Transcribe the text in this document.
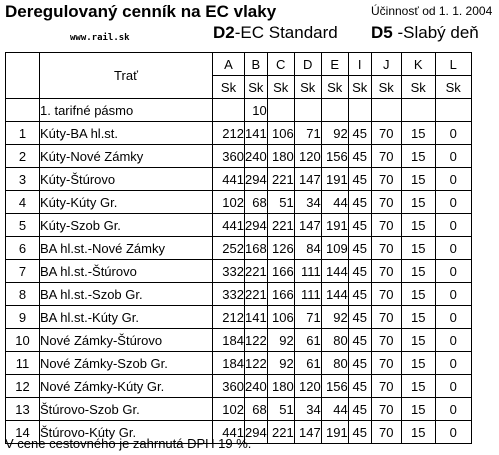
Deregulovaný cenník na EC vlaky	Účinnosť od 1. 1. 2004
www.rail.sk	D2-EC Standard D5 -Slabý deň
	Trať	A	B	C	D	E	I	J	K	L
		Sk	Sk	Sk	Sk	Sk	Sk	Sk	Sk	Sk
	1. tarifné pásmo		10							
1	Kúty-BA hl.st.	212	141	106	71	92	45	70	15	0
2	Kúty-Nové Zámky	360	240	180	120	156	45	70	15	0
3	Kúty-Štúrovo	441	294	221	147	191	45	70	15	0
4	Kúty-Kúty Gr.	102	68	51	34	44	45	70	15	0
5	Kúty-Szob Gr.	441	294	221	147	191	45	70	15	0
6	BA hl.st.-Nové Zámky	252	168	126	84	109	45	70	15	0
7	BA hl.st.-Štúrovo	332	221	166	111	144	45	70	15	0
8	BA hl.st.-Szob Gr.	332	221	166	111	144	45	70	15	0
9	BA hl.st.-Kúty Gr.	212	141	106	71	92	45	70	15	0
10	Nové Zámky-Štúrovo	184	122	92	61	80	45	70	15	0
11	Nové Zámky-Szob Gr.	184	122	92	61	80	45	70	15	0
12	Nové Zámky-Kúty Gr.	360	240	180	120	156	45	70	15	0
13	Štúrovo-Szob Gr.	102	68	51	34	44	45	70	15	0
14	Štúrovo-Kúty Gr.	441	294	221	147	191	45	70	15	0
V cene cestovného je zahrnutá DPH 19 %.
